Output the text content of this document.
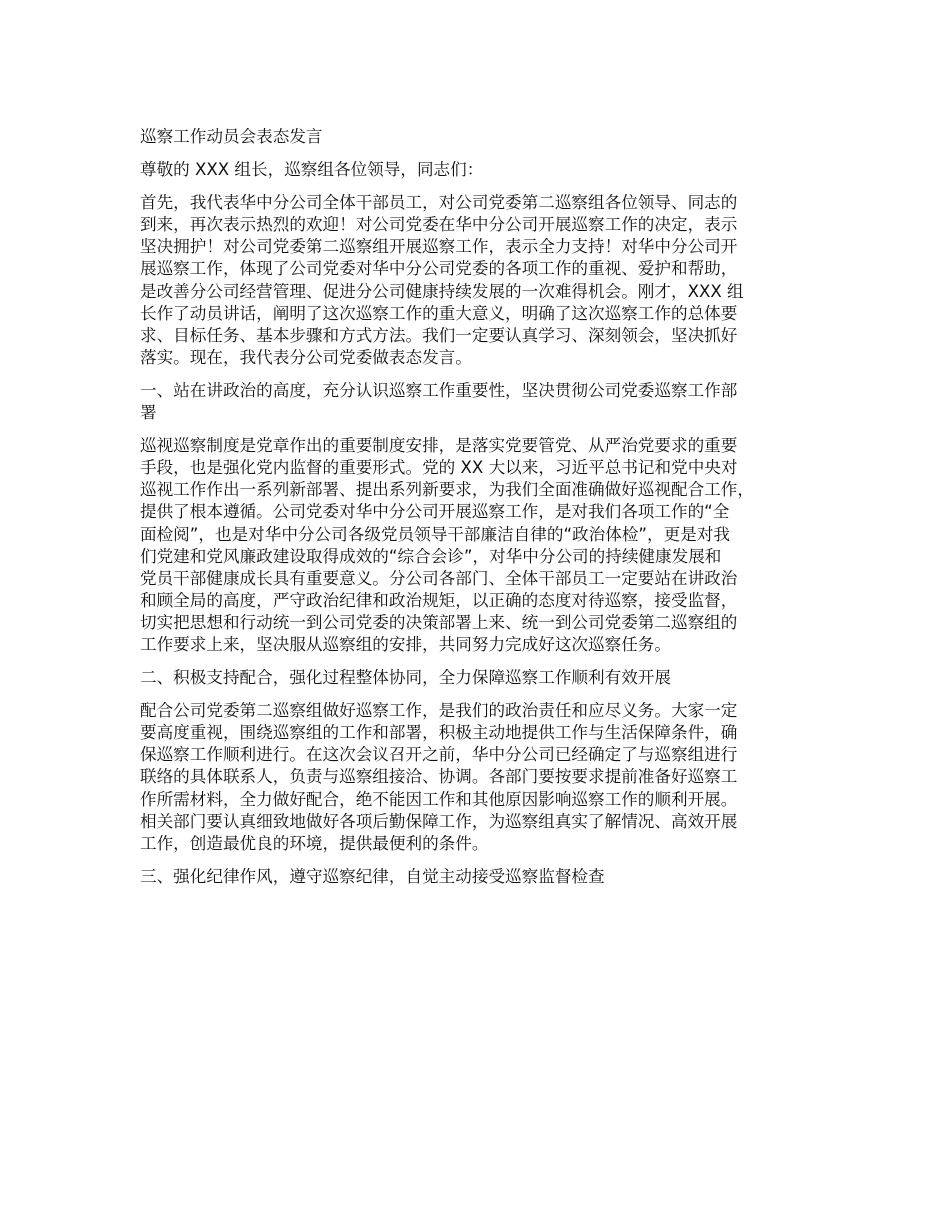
巡察工作动员会表态发言

尊敬的 XXX 组长，巡察组各位领导，同志们：

首先，我代表华中分公司全体干部员工，对公司党委第二巡察组各位领导、同志的
到来，再次表示热烈的欢迎！对公司党委在华中分公司开展巡察工作的决定，表示
坚决拥护！对公司党委第二巡察组开展巡察工作，表示全力支持！对华中分公司开
展巡察工作，体现了公司党委对华中分公司党委的各项工作的重视、爱护和帮助，
是改善分公司经营管理、促进分公司健康持续发展的一次难得机会。刚才，XXX 组
长作了动员讲话，阐明了这次巡察工作的重大意义，明确了这次巡察工作的总体要
求、目标任务、基本步骤和方式方法。我们一定要认真学习、深刻领会，坚决抓好
落实。现在，我代表分公司党委做表态发言。

一、站在讲政治的高度，充分认识巡察工作重要性，坚决贯彻公司党委巡察工作部
署

巡视巡察制度是党章作出的重要制度安排，是落实党要管党、从严治党要求的重要
手段，也是强化党内监督的重要形式。党的 XX 大以来，习近平总书记和党中央对
巡视工作作出一系列新部署、提出系列新要求，为我们全面准确做好巡视配合工作，
提供了根本遵循。公司党委对华中分公司开展巡察工作，是对我们各项工作的“全
面检阅”，也是对华中分公司各级党员领导干部廉洁自律的“政治体检”，更是对我
们党建和党风廉政建设取得成效的“综合会诊”，对华中分公司的持续健康发展和
党员干部健康成长具有重要意义。分公司各部门、全体干部员工一定要站在讲政治
和顾全局的高度，严守政治纪律和政治规矩，以正确的态度对待巡察，接受监督，
切实把思想和行动统一到公司党委的决策部署上来、统一到公司党委第二巡察组的
工作要求上来，坚决服从巡察组的安排，共同努力完成好这次巡察任务。

二、积极支持配合，强化过程整体协同，全力保障巡察工作顺利有效开展

配合公司党委第二巡察组做好巡察工作，是我们的政治责任和应尽义务。大家一定
要高度重视，围绕巡察组的工作和部署，积极主动地提供工作与生活保障条件，确
保巡察工作顺利进行。在这次会议召开之前，华中分公司已经确定了与巡察组进行
联络的具体联系人，负责与巡察组接洽、协调。各部门要按要求提前准备好巡察工
作所需材料，全力做好配合，绝不能因工作和其他原因影响巡察工作的顺利开展。
相关部门要认真细致地做好各项后勤保障工作，为巡察组真实了解情况、高效开展
工作，创造最优良的环境，提供最便利的条件。

三、强化纪律作风，遵守巡察纪律，自觉主动接受巡察监督检查
